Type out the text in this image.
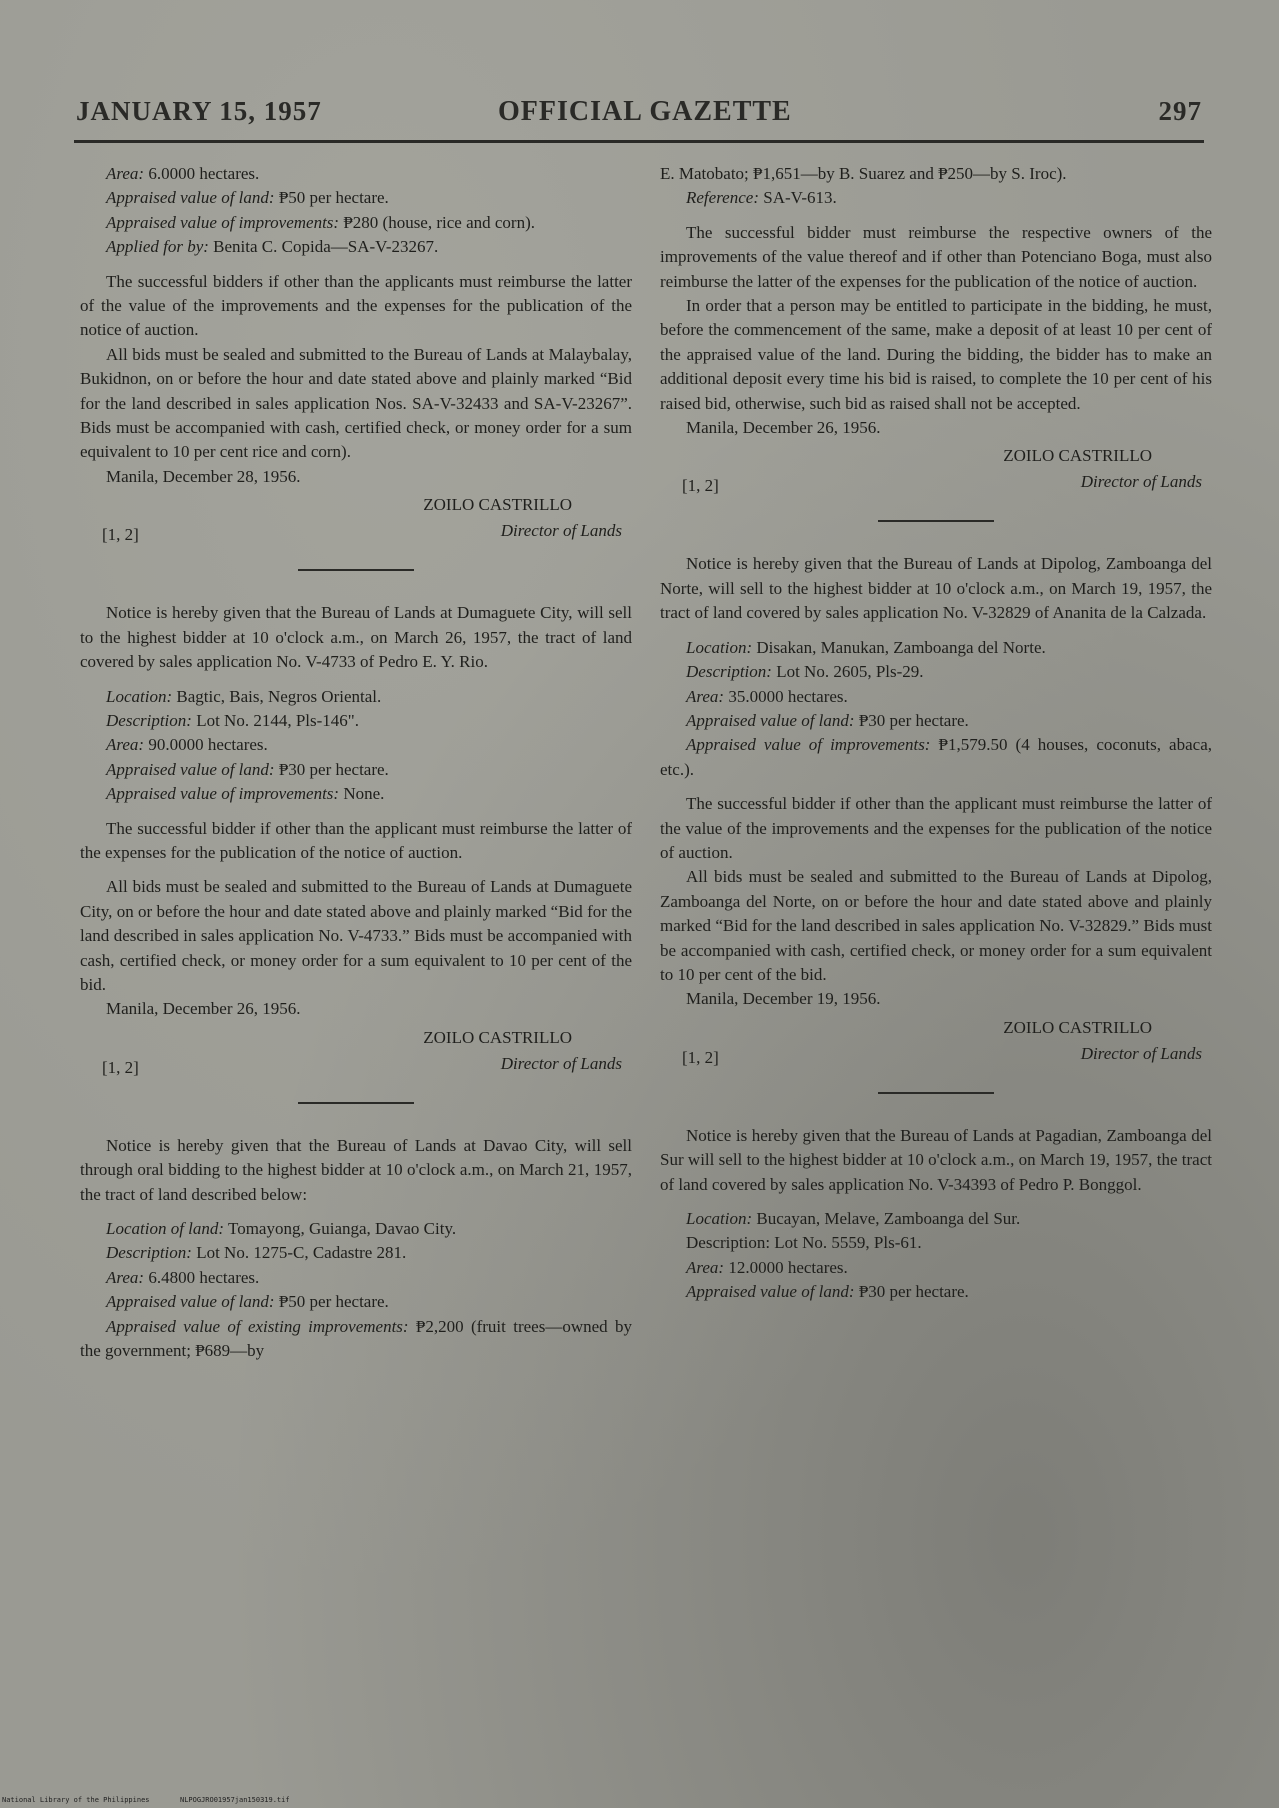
JANUARY 15, 1957	OFFICIAL GAZETTE	297

Area: 6.0000 hectares.

Appraised value of land: ₱50 per hectare.

Appraised value of improvements: ₱280 (house, rice and corn).

Applied for by: Benita C. Copida—SA-V-23267.

The successful bidders if other than the applicants must reimburse the latter of the value of the improvements and the expenses for the publication of the notice of auction.

All bids must be sealed and submitted to the Bureau of Lands at Malaybalay, Bukidnon, on or before the hour and date stated above and plainly marked “Bid for the land described in sales application Nos. SA-V-32433 and SA-V-23267”. Bids must be accompanied with cash, certified check, or money order for a sum equivalent to 10 per cent rice and corn).

Manila, December 28, 1956.

ZOILO CASTRILLO
Director of Lands
[1, 2]

Notice is hereby given that the Bureau of Lands at Dumaguete City, will sell to the highest bidder at 10 o'clock a.m., on March 26, 1957, the tract of land covered by sales application No. V-4733 of Pedro E. Y. Rio.

Location: Bagtic, Bais, Negros Oriental.

Description: Lot No. 2144, Pls-146".

Area: 90.0000 hectares.

Appraised value of land: ₱30 per hectare.

Appraised value of improvements: None.

The successful bidder if other than the applicant must reimburse the latter of the expenses for the publication of the notice of auction.

All bids must be sealed and submitted to the Bureau of Lands at Dumaguete City, on or before the hour and date stated above and plainly marked “Bid for the land described in sales application No. V-4733.” Bids must be accompanied with cash, certified check, or money order for a sum equivalent to 10 per cent of the bid.

Manila, December 26, 1956.

ZOILO CASTRILLO
Director of Lands
[1, 2]

Notice is hereby given that the Bureau of Lands at Davao City, will sell through oral bidding to the highest bidder at 10 o'clock a.m., on March 21, 1957, the tract of land described below:

Location of land: Tomayong, Guianga, Davao City.

Description: Lot No. 1275-C, Cadastre 281.

Area: 6.4800 hectares.

Appraised value of land: ₱50 per hectare.

Appraised value of existing improvements: ₱2,200 (fruit trees—owned by the government; ₱689—by

E. Matobato; ₱1,651—by B. Suarez and ₱250—by S. Iroc).

Reference: SA-V-613.

The successful bidder must reimburse the respective owners of the improvements of the value thereof and if other than Potenciano Boga, must also reimburse the latter of the expenses for the publication of the notice of auction.

In order that a person may be entitled to participate in the bidding, he must, before the commencement of the same, make a deposit of at least 10 per cent of the appraised value of the land. During the bidding, the bidder has to make an additional deposit every time his bid is raised, to complete the 10 per cent of his raised bid, otherwise, such bid as raised shall not be accepted.

Manila, December 26, 1956.

ZOILO CASTRILLO
Director of Lands
[1, 2]

Notice is hereby given that the Bureau of Lands at Dipolog, Zamboanga del Norte, will sell to the highest bidder at 10 o'clock a.m., on March 19, 1957, the tract of land covered by sales application No. V-32829 of Ananita de la Calzada.

Location: Disakan, Manukan, Zamboanga del Norte.

Description: Lot No. 2605, Pls-29.

Area: 35.0000 hectares.

Appraised value of land: ₱30 per hectare.

Appraised value of improvements: ₱1,579.50 (4 houses, coconuts, abaca, etc.).

The successful bidder if other than the applicant must reimburse the latter of the value of the improvements and the expenses for the publication of the notice of auction.

All bids must be sealed and submitted to the Bureau of Lands at Dipolog, Zamboanga del Norte, on or before the hour and date stated above and plainly marked “Bid for the land described in sales application No. V-32829.” Bids must be accompanied with cash, certified check, or money order for a sum equivalent to 10 per cent of the bid.

Manila, December 19, 1956.

ZOILO CASTRILLO
Director of Lands
[1, 2]

Notice is hereby given that the Bureau of Lands at Pagadian, Zamboanga del Sur will sell to the highest bidder at 10 o'clock a.m., on March 19, 1957, the tract of land covered by sales application No. V-34393 of Pedro P. Bonggol.

Location: Bucayan, Melave, Zamboanga del Sur.

Description: Lot No. 5559, Pls-61.

Area: 12.0000 hectares.

Appraised value of land: ₱30 per hectare.

National Library of the Philippines	NLPOGJRO01957jan150319.tif
